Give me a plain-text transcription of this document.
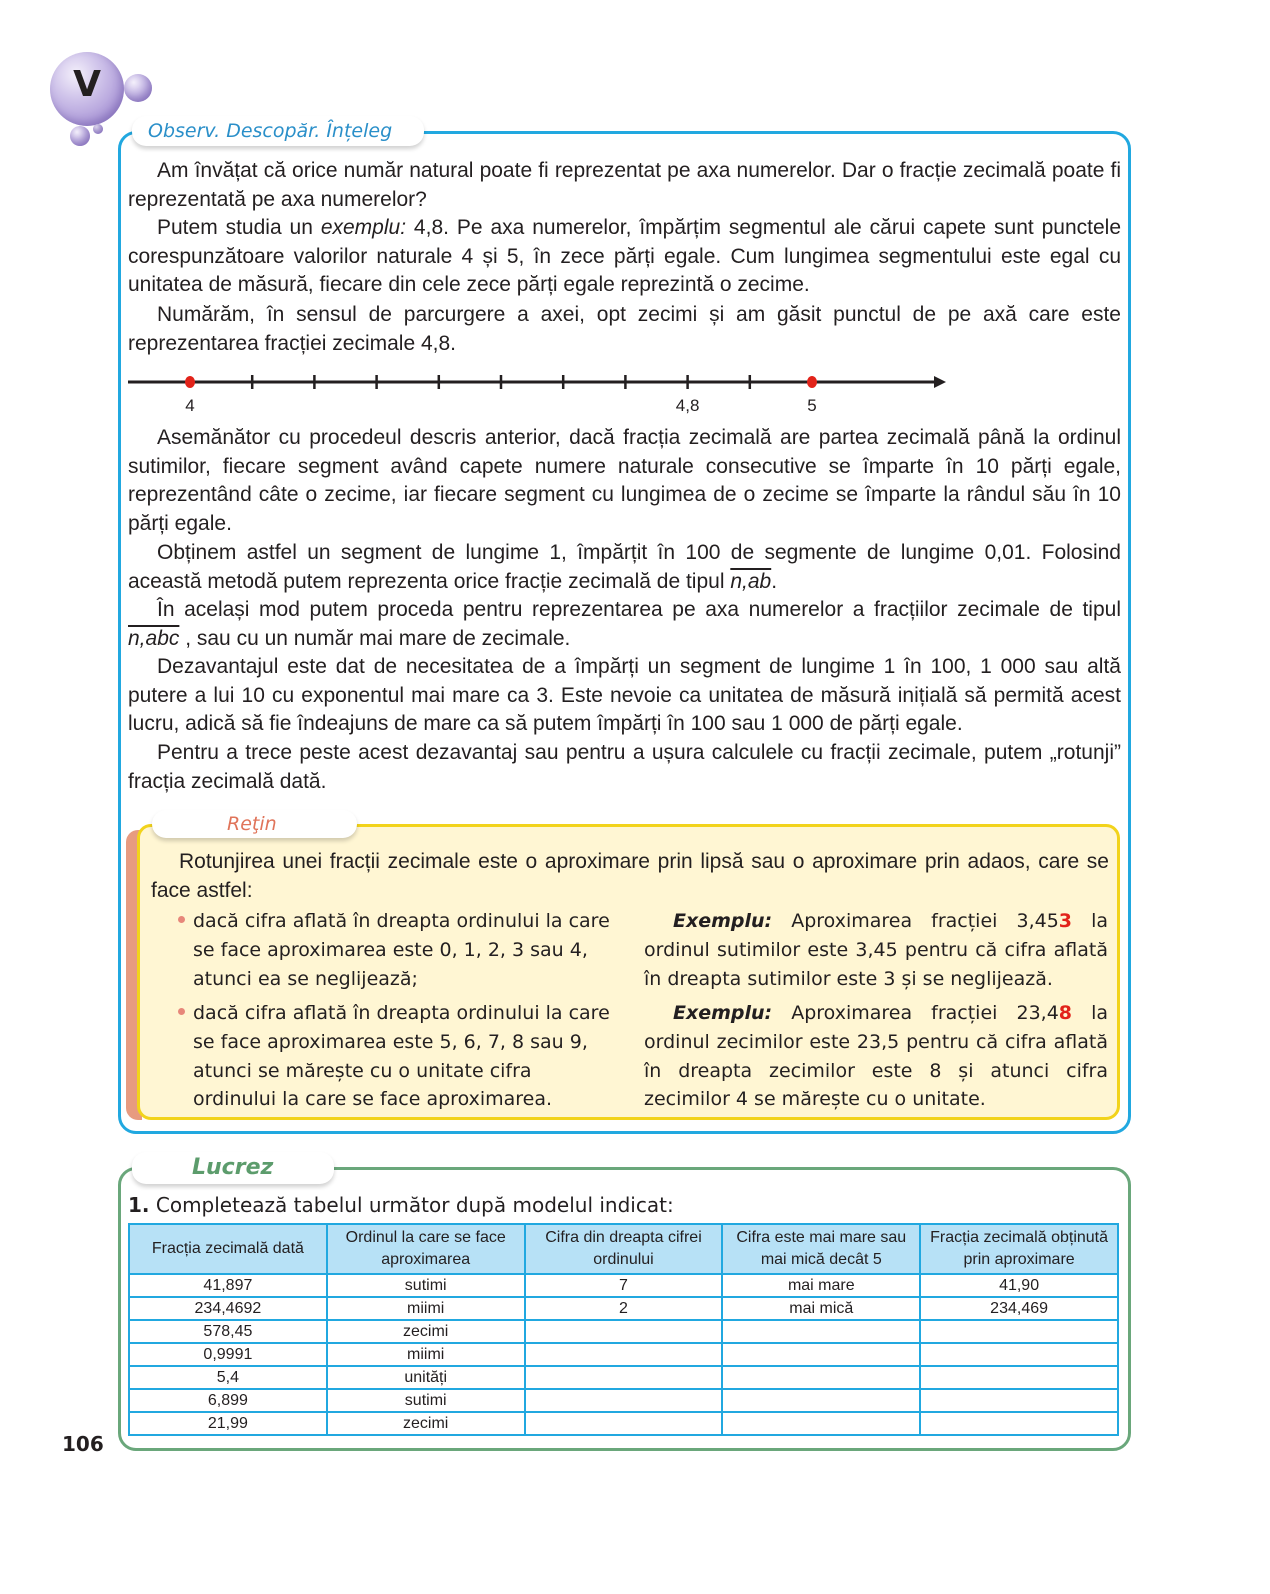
V
Observ. Descopăr. Înțeleg
Am învățat că orice număr natural poate fi reprezentat pe axa numerelor. Dar o fracție zecimală poate fi reprezentată pe axa numerelor?
Putem studia un exemplu: 4,8. Pe axa numerelor, împărțim segmentul ale cărui capete sunt punctele corespunzătoare valorilor naturale 4 și 5, în zece părți egale. Cum lungimea segmentului este egal cu unitatea de măsură, fiecare din cele zece părți egale reprezintă o zecime.
Numărăm, în sensul de parcurgere a axei, opt zecimi și am găsit punctul de pe axă care este reprezentarea fracției zecimale 4,8.
4	4,8	5
Asemănător cu procedeul descris anterior, dacă fracția zecimală are partea zecimală până la ordinul sutimilor, fiecare segment având capete numere naturale consecutive se împarte în 10 părți egale, reprezentând câte o zecime, iar fiecare segment cu lungimea de o zecime se împarte la rândul său în 10 părți egale.
Obținem astfel un segment de lungime 1, împărțit în 100 de segmente de lungime 0,01. Folosind această metodă putem reprezenta orice fracție zecimală de tipul n,ab.
În același mod putem proceda pentru reprezentarea pe axa numerelor a fracțiilor zecimale de tipul n,abc , sau cu un număr mai mare de zecimale.
Dezavantajul este dat de necesitatea de a împărți un segment de lungime 1 în 100, 1 000 sau altă putere a lui 10 cu exponentul mai mare ca 3. Este nevoie ca unitatea de măsură inițială să permită acest lucru, adică să fie îndeajuns de mare ca să putem împărți în 100 sau 1 000 de părți egale.
Pentru a trece peste acest dezavantaj sau pentru a ușura calculele cu fracții zecimale, putem „rotunji” fracția zecimală dată.
Reţin
Rotunjirea unei fracții zecimale este o aproximare prin lipsă sau o aproximare prin adaos, care se face astfel:
dacă cifra aflată în dreapta ordinului la care se face aproximarea este 0, 1, 2, 3 sau 4, atunci ea se neglijează;
dacă cifra aflată în dreapta ordinului la care se face aproximarea este 5, 6, 7, 8 sau 9, atunci se mărește cu o unitate cifra ordinului la care se face aproximarea.
Exemplu: Aproximarea fracției 3,453 la ordinul sutimilor este 3,45 pentru că cifra aflată în dreapta sutimilor este 3 și se neglijează.
Exemplu: Aproximarea fracției 23,48 la ordinul zecimilor este 23,5 pentru că cifra aflată în dreapta zecimilor este 8 și atunci cifra zecimilor 4 se mărește cu o unitate.
Lucrez
1. Completează tabelul următor după modelul indicat:
Fracția zecimală dată	Ordinul la care se face aproximarea	Cifra din dreapta cifrei ordinului	Cifra este mai mare sau mai mică decât 5	Fracția zecimală obținută prin aproximare
41,897	sutimi	7	mai mare	41,90
234,4692	miimi	2	mai mică	234,469
578,45	zecimi			
0,9991	miimi			
5,4	unități			
6,899	sutimi			
21,99	zecimi			
106
